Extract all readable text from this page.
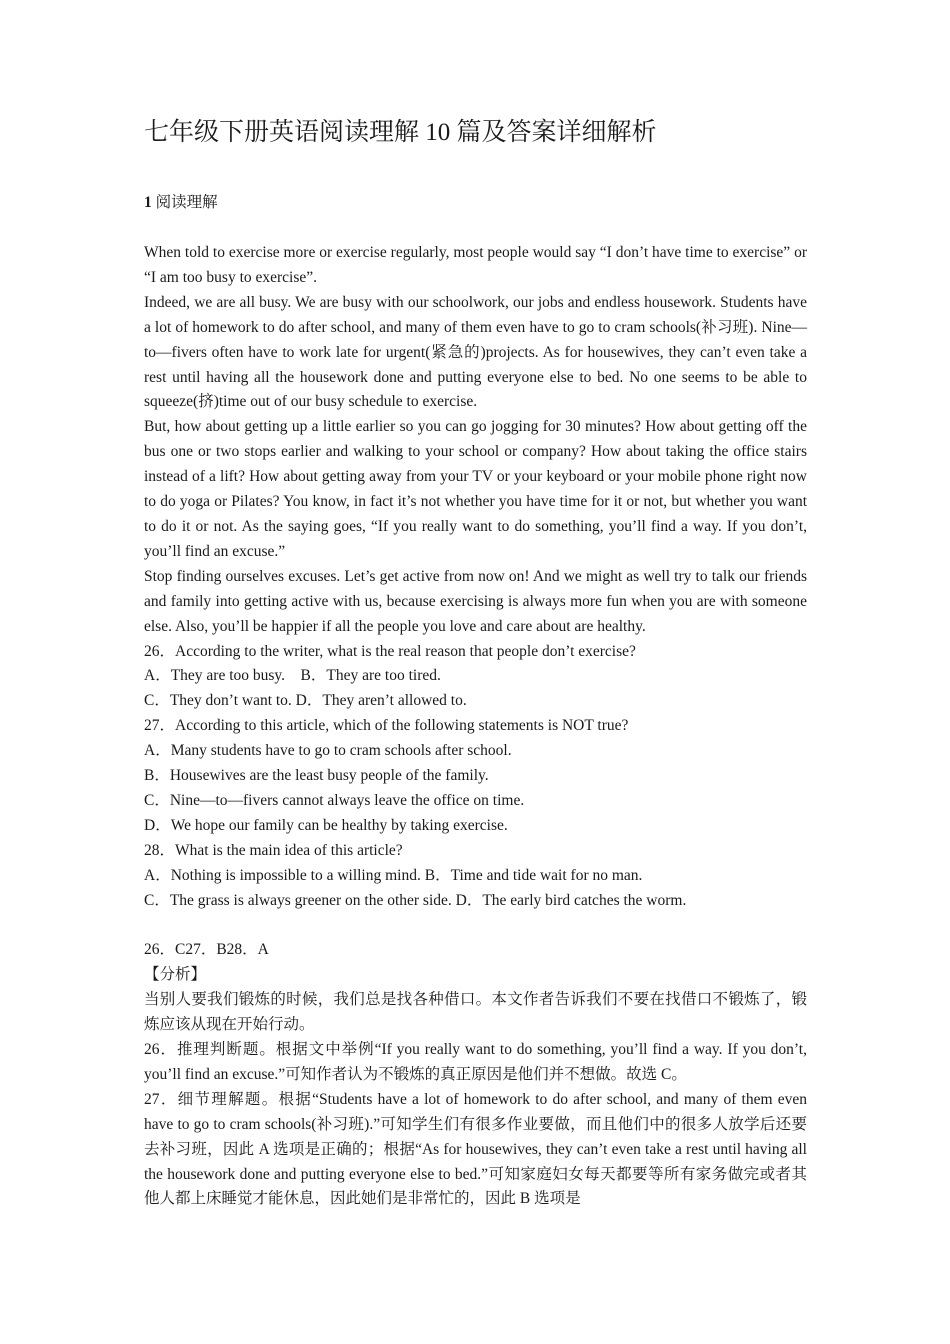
七年级下册英语阅读理解 10 篇及答案详细解析
1 阅读理解

When told to exercise more or exercise regularly, most people would say “I don’t have time to exercise” or “I am too busy to exercise”.

Indeed, we are all busy. We are busy with our schoolwork, our jobs and endless housework. Students have a lot of homework to do after school, and many of them even have to go to cram schools(补习班). Nine—to—fivers often have to work late for urgent(紧急的)projects. As for housewives, they can’t even take a rest until having all the housework done and putting everyone else to bed. No one seems to be able to squeeze(挤)time out of our busy schedule to exercise.

But, how about getting up a little earlier so you can go jogging for 30 minutes? How about getting off the bus one or two stops earlier and walking to your school or company? How about taking the office stairs instead of a lift? How about getting away from your TV or your keyboard or your mobile phone right now to do yoga or Pilates? You know, in fact it’s not whether you have time for it or not, but whether you want to do it or not. As the saying goes, “If you really want to do something, you’ll find a way. If you don’t, you’ll find an excuse.”

Stop finding ourselves excuses. Let’s get active from now on! And we might as well try to talk our friends and family into getting active with us, because exercising is always more fun when you are with someone else. Also, you’ll be happier if all the people you love and care about are healthy.

26．According to the writer, what is the real reason that people don’t exercise?

A．They are too busy.　B．They are too tired.

C．They don’t want to. D．They aren’t allowed to.

27．According to this article, which of the following statements is NOT true?

A．Many students have to go to cram schools after school.

B．Housewives are the least busy people of the family.

C．Nine—to—fivers cannot always leave the office on time.

D．We hope our family can be healthy by taking exercise.

28．What is the main idea of this article?

A．Nothing is impossible to a willing mind. B．Time and tide wait for no man.

C．The grass is always greener on the other side. D．The early bird catches the worm.

26．C27．B28．A

【分析】

当别人要我们锻炼的时候，我们总是找各种借口。本文作者告诉我们不要在找借口不锻炼了，锻炼应该从现在开始行动。

26．推理判断题。根据文中举例“If you really want to do something, you’ll find a way. If you don’t, you’ll find an excuse.”可知作者认为不锻炼的真正原因是他们并不想做。故选 C。

27．细节理解题。根据“Students have a lot of homework to do after school, and many of them even have to go to cram schools(补习班).”可知学生们有很多作业要做，而且他们中的很多人放学后还要去补习班，因此 A 选项是正确的；根据“As for housewives, they can’t even take a rest until having all the housework done and putting everyone else to bed.”可知家庭妇女每天都要等所有家务做完或者其他人都上床睡觉才能休息，因此她们是非常忙的，因此 B 选项是
